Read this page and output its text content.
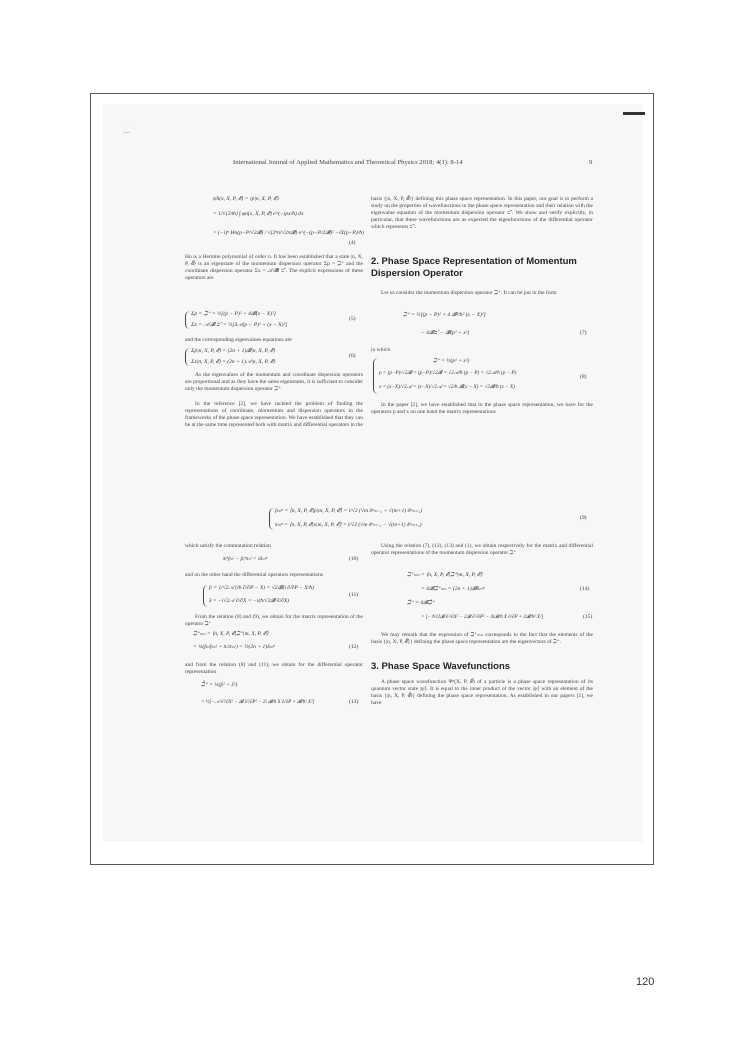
˙‿ ·
International Journal of Applied Mathematics and Theoretical Physics 2018; 4(1): 8-14	9
ψ̃n(x, X, P, 𝓔) = ⟨p|n, X, P, 𝓔⟩
= 1/√(2πħ) ∫ φn(x, X, P, 𝓔) e^(−ipx/ħ) dx
= (−i)ⁿ Hn(p−P/√2𝓑) / √(2ⁿn!√2π𝓑) e^(−(p−P/2𝓑)² −iX(p−P)/ħ)
(4)

Hn is a Hermite polynomial of order n. It has been established that a state |n, X, P, 𝓔⟩ is an eigenstate of the momentum dispersion operator Σp = ℶ⁺ and the coordinate dispersion operator Σx = 𝒜/𝓑 ℶ⁺. The explicit expressions of these operators are

Σp = ℶ⁺ = ½[(p − P)² + 4𝓑(x − X)²]
Σx = 𝒜/𝓑 ℶ⁺ = ½[4𝒜(p − P)² + (x − X)²]
(5)

and the corresponding eigenvalues equations are

Σp|n, X, P, 𝓔⟩ = (2n + 1)𝓑|n, X, P, 𝓔⟩
Σx|n, X, P, 𝓔⟩ = (2n + 1)𝒜|n, X, P, 𝓔⟩
(6)

As the eigenvalues of the momentum and coordinate dispersion operators are proportional and as they have the same eigenstates, it is sufficient to consider only the momentum dispersion operator ℶ⁺.

In the reference [2], we have tackled the problem of finding the representations of coordinate, momentum and dispersion operators in the frameworks of the phase space representation. We have established that they can be at the same time represented both with matrix and differential operators in the

which satisfy the commutation relation

x̄ᵢⁿp̄ₙˡ − p̄ᵢⁿx̄ₙˡ = iδₘⁿ	(10)

and on the other hand the differential operators representations

p̂ = 1/√2𝒜 (iħ ∂/∂P − X) = √2𝓑(i ∂/∂P − X/ħ)
x̂ = −i√2𝒜 ∂/∂X = −i(ħ/√2𝓑 ∂/∂X)
(11)

From the relation (8) and (9), we obtain for the matrix representation of the operator ℶ⁺

ℶ⁺ₘₙ = ⟨n, X, P, 𝓔|ℶ⁺|m, X, P, 𝓔⟩
= ¼(p̄ₙˡp̄ₘˡ + x̄ₙˡx̄ₘˡ) = ½(2n + 1)δₘⁿ	(12)

and from the relation (8) and (11), we obtain for the differential operator representation

ℶ̂⁺ = ¼(p̂² + x̂²)
= ½[−𝒜 ∂²/∂X² − 𝓑 ∂²/∂P² − 2i 𝓑/ħ X ∂/∂P + 𝓑/ħ² X²]	(13)

basis {|n, X, P, 𝓔⟩} defining this phase space representation. In this paper, our goal is to perform a study on the properties of wavefunctions in the phase space representation and their relation with the eigenvalue equation of the momentum dispersion operator ℶ⁺. We show and verify explicitly, in particular, that these wavefunctions are as expected the eigenfunctions of the differential operator which represents ℶ⁺.

2. Phase Space Representation of Momentum Dispersion Operator

Let us consider the momentum dispersion operator ℶ⁺. It can be put in the form

ℶ⁺ = ½[(p − P)² + 4 𝓑²/ħ² (x − X)²]
− 4𝓑ℶ⁺ − 𝓑(p² + x²)	(7)

in which

ℶ⁺ = ½(p² + x²)
p = (p−P)/√2𝓑 = (p−P)/√2𝓑 = √2𝒜/ħ (p − P) = √2𝒜/ħ (p − P)
x = (x−X)/√2𝒜 = (x−X)/√2𝒜 = √2/ħ 𝓑(x − X) = √2𝓑/ħ (x − X)
(8)

In the paper [2], we have established that in the phase space representation, we have for the operators p and x on one hand the matrix representations

p̄ₘⁿ = ⟨n, X, P, 𝓔|p|m, X, P, 𝓔⟩ = i/√2 (√m δⁿₘ₋₁ + √(m+1) δⁿₘ₊₁)
x̄ₘⁿ = ⟨n, X, P, 𝓔|x|m, X, P, 𝓔⟩ = i/√2 (√m δⁿₘ₋₁ − √(m+1) δⁿₘ₊₁)
(9)

Using the relation (7), (12), (13) and (1), we obtain respectively for the matrix and differential operator representations of the momentum dispersion operator ℶ⁺

ℶ⁺ₘₙ = ⟨n, X, P, 𝓔|ℶ⁺|m, X, P, 𝓔⟩
= 4𝓑ℶ⁺ₘₙ = (2n + 1)𝓑δₘⁿ	(14)
ℶ̂⁺ = 4𝓑ℶ̂⁺
= [− ħ²/2𝓑 ∂²/∂X² − 2𝓑 ∂²/∂P² − 4i𝓑/ħ X ∂/∂P + 2𝓑/ħ² X²]	(15)

We may remark that the expression of ℶ⁺ₘₙ corresponds to the fact that the elements of the basis {|n, X, P, 𝓔⟩} defining the phase space representation are the eigenvectors of ℶ⁺.

3. Phase Space Wavefunctions

A phase space wavefunction Ψⁿ(X, P, 𝓔) of a particle is a phase space representation of its quantum vector state |ψ⟩. It is equal to the inner product of the vector |ψ⟩ with an element of the basis {|n, X, P, 𝓔⟩} defining the phase space representation. As established in our papers [1], we have

120
